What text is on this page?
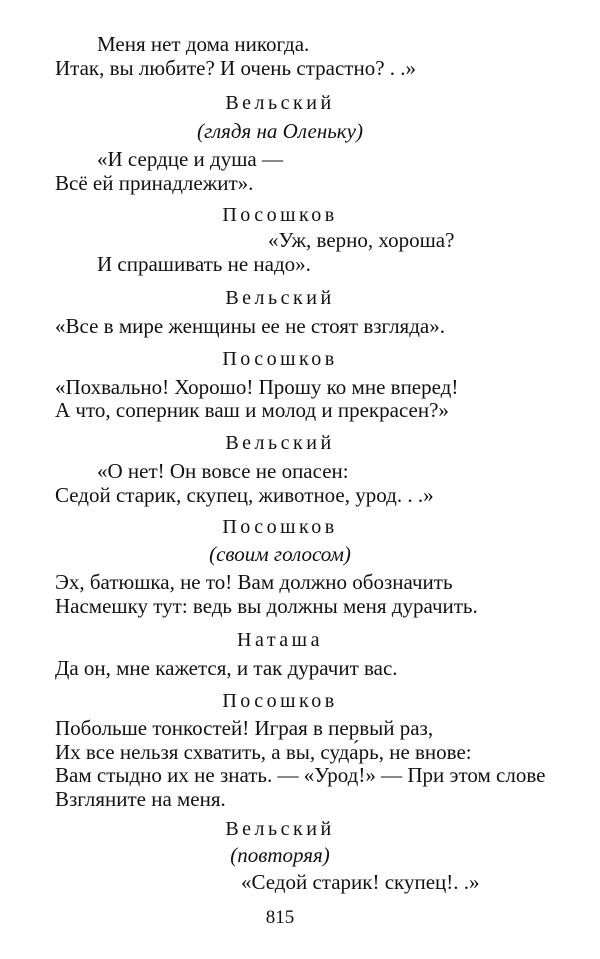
Меня нет дома никогда.

Итак, вы любите? И очень страстно? . .»

Вельский

(глядя на Оленьку)

«И сердце и душа —

Всё ей принадлежит».

Посошков

«Уж, верно, хороша?

И спрашивать не надо».

Вельский

«Все в мире женщины ее не стоят взгляда».

Посошков

«Похвально! Хорошо! Прошу ко мне вперед!

А что, соперник ваш и молод и прекрасен?»

Вельский

«О нет! Он вовсе не опасен:

Седой старик, скупец, животное, урод. . .»

Посошков

(своим голосом)

Эх, батюшка, не то! Вам должно обозначить

Насмешку тут: ведь вы должны меня дурачить.

Наташа

Да он, мне кажется, и так дурачит вас.

Посошков

Побольше тонкостей! Играя в первый раз,

Их все нельзя схватить, а вы, суда́рь, не внове:

Вам стыдно их не знать. — «Урод!» — При этом слове

Взгляните на меня.

Вельский

(повторяя)

«Седой старик! скупец!. .»

815
